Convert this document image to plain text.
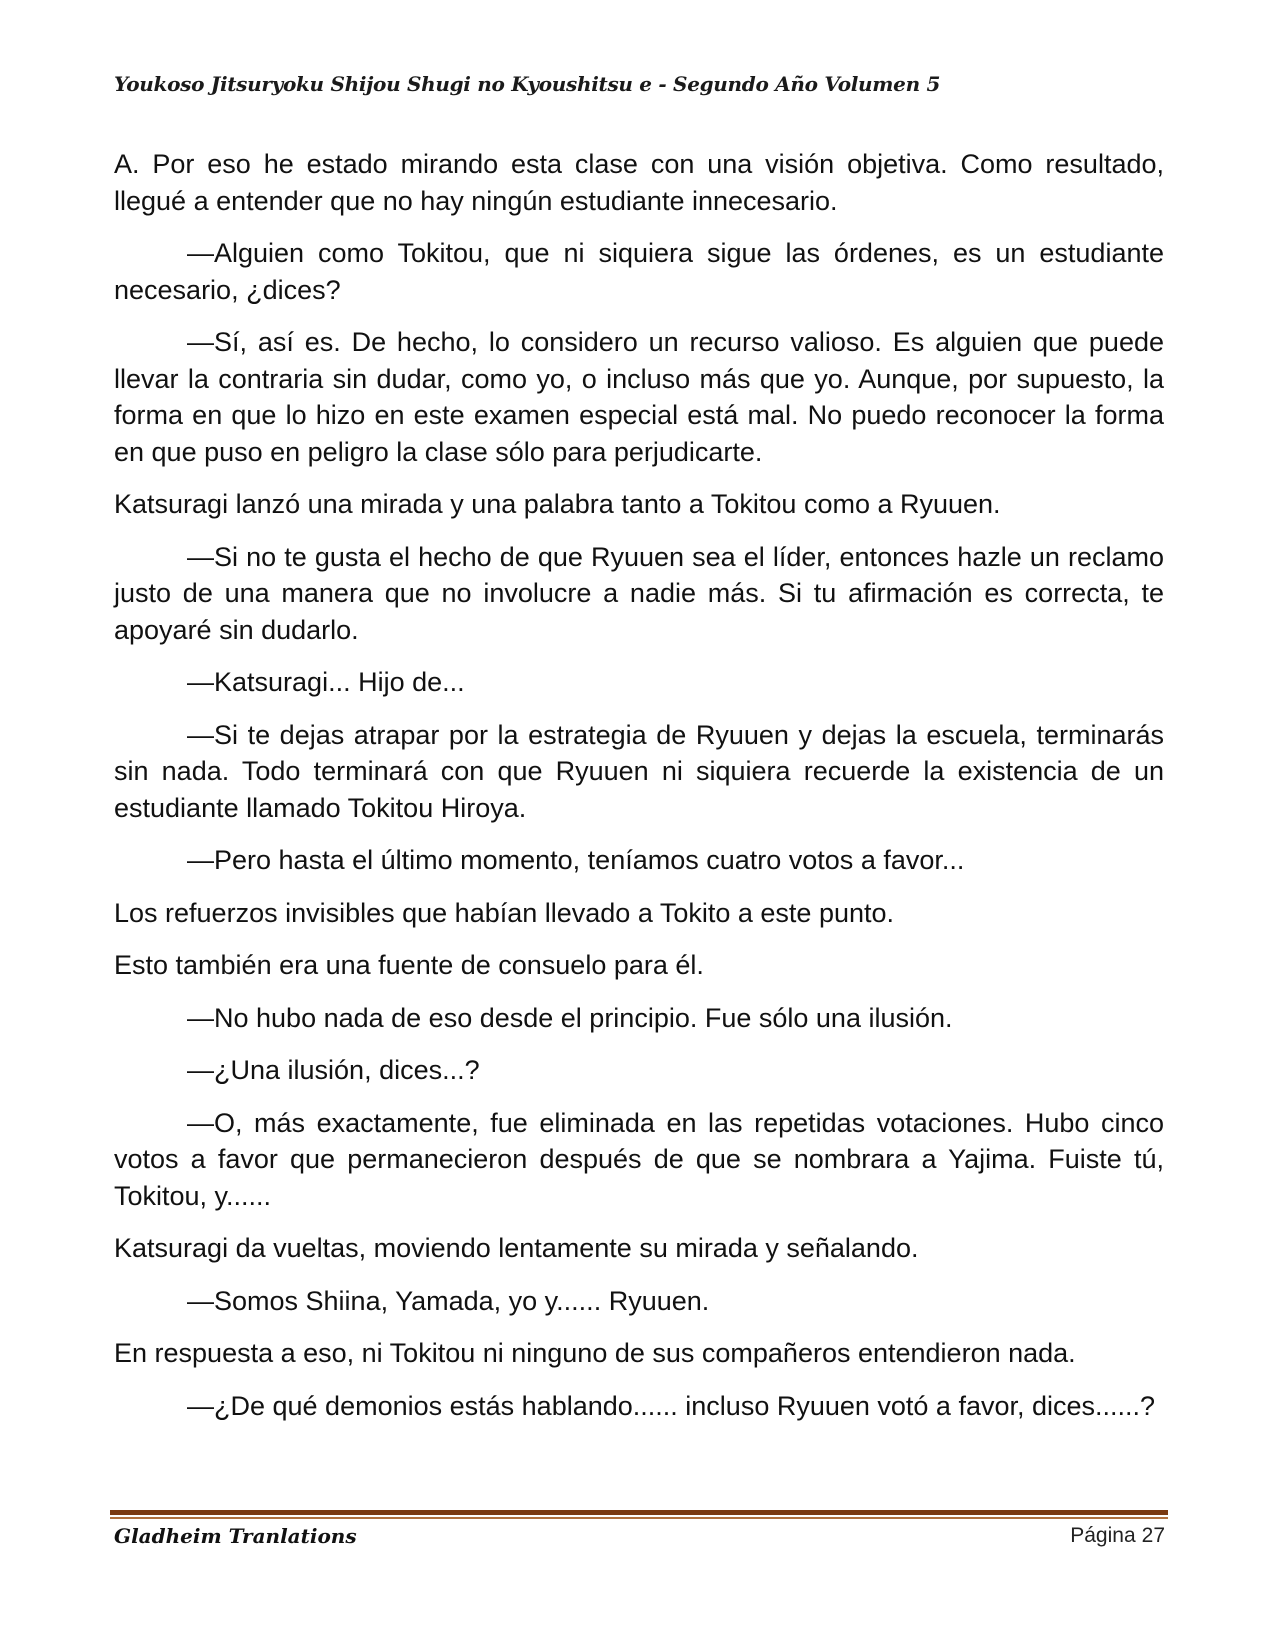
Youkoso Jitsuryoku Shijou Shugi no Kyoushitsu e - Segundo Año Volumen 5

A. Por eso he estado mirando esta clase con una visión objetiva. Como resultado, llegué a entender que no hay ningún estudiante innecesario.

—Alguien como Tokitou, que ni siquiera sigue las órdenes, es un estudiante necesario, ¿dices?

—Sí, así es. De hecho, lo considero un recurso valioso. Es alguien que puede llevar la contraria sin dudar, como yo, o incluso más que yo. Aunque, por supuesto, la forma en que lo hizo en este examen especial está mal. No puedo reconocer la forma en que puso en peligro la clase sólo para perjudicarte.

Katsuragi lanzó una mirada y una palabra tanto a Tokitou como a Ryuuen.

—Si no te gusta el hecho de que Ryuuen sea el líder, entonces hazle un reclamo justo de una manera que no involucre a nadie más. Si tu afirmación es correcta, te apoyaré sin dudarlo.

—Katsuragi... Hijo de...

—Si te dejas atrapar por la estrategia de Ryuuen y dejas la escuela, terminarás sin nada. Todo terminará con que Ryuuen ni siquiera recuerde la existencia de un estudiante llamado Tokitou Hiroya.

—Pero hasta el último momento, teníamos cuatro votos a favor...

Los refuerzos invisibles que habían llevado a Tokito a este punto.

Esto también era una fuente de consuelo para él.

—No hubo nada de eso desde el principio. Fue sólo una ilusión.

—¿Una ilusión, dices...?

—O, más exactamente, fue eliminada en las repetidas votaciones. Hubo cinco votos a favor que permanecieron después de que se nombrara a Yajima. Fuiste tú, Tokitou, y......

Katsuragi da vueltas, moviendo lentamente su mirada y señalando.

—Somos Shiina, Yamada, yo y...... Ryuuen.

En respuesta a eso, ni Tokitou ni ninguno de sus compañeros entendieron nada.

—¿De qué demonios estás hablando...... incluso Ryuuen votó a favor, dices......?

Gladheim Tranlations	Página 27
